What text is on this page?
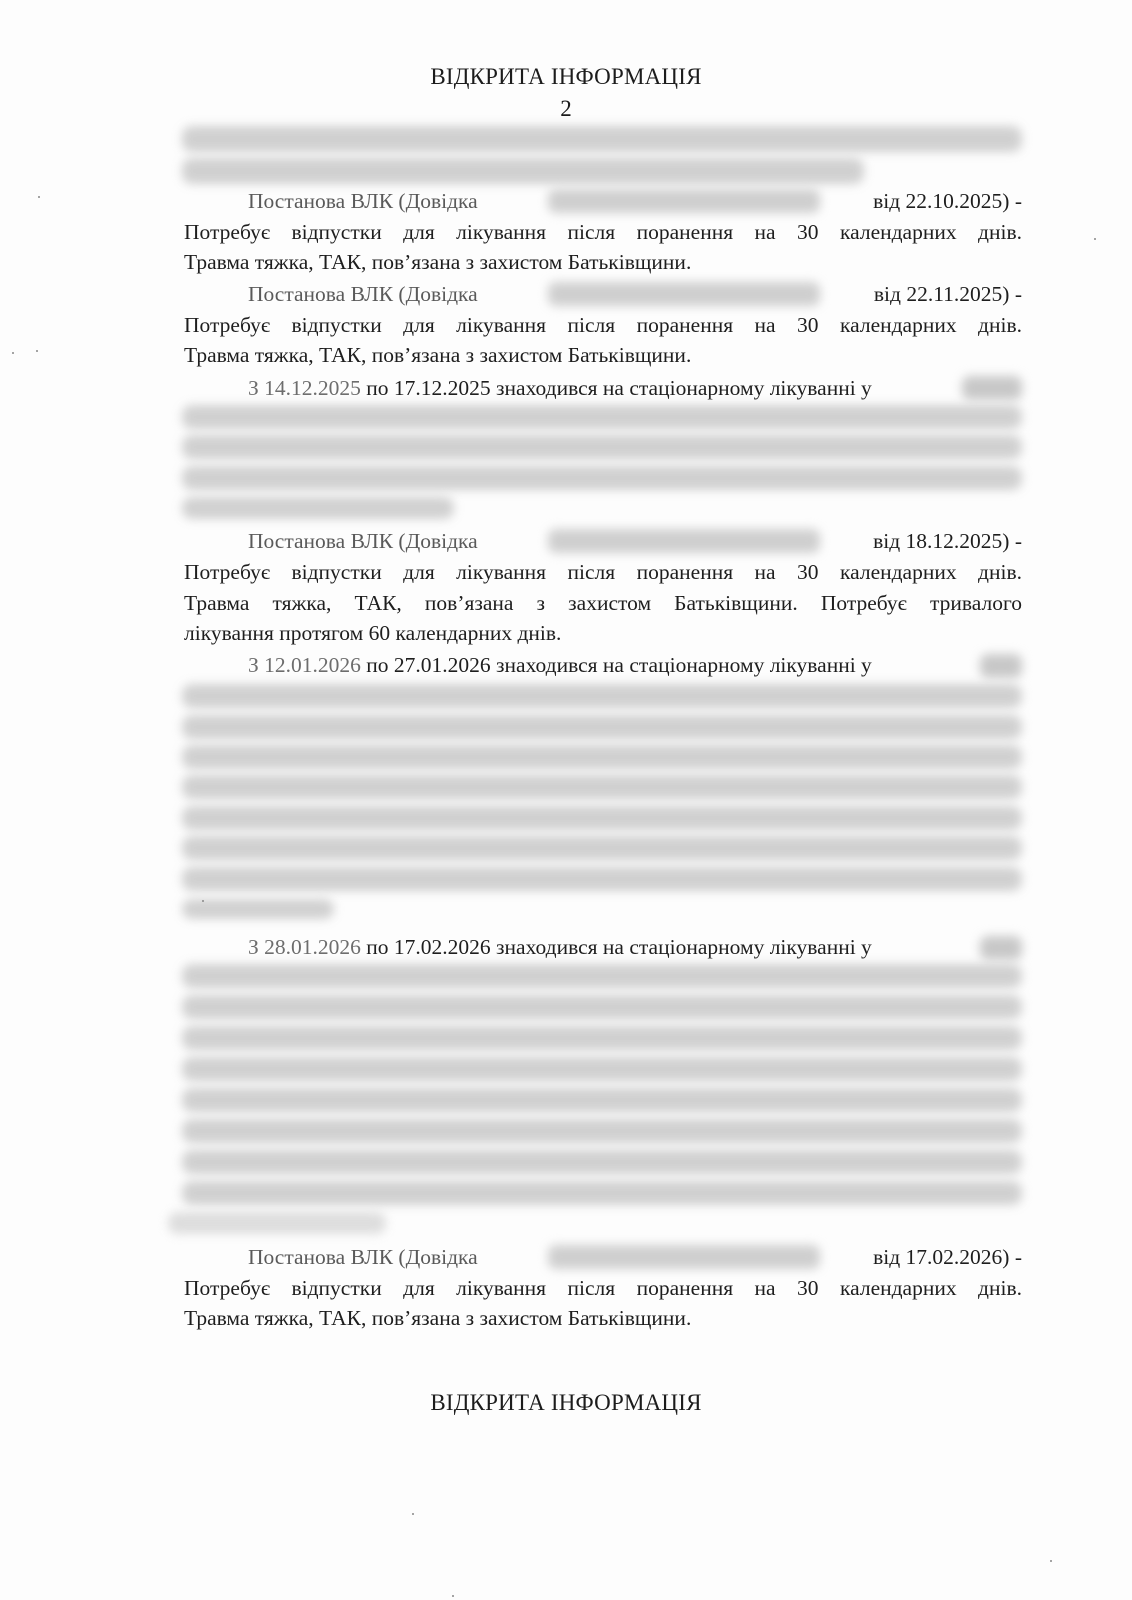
ВІДКРИТА ІНФОРМАЦІЯ
2
Постанова ВЛК (Довідка	від 22.10.2025) -
Потребує відпустки для лікування після поранення на 30 календарних днів.
Травма тяжка, ТАК, пов’язана з захистом Батьківщини.
Постанова ВЛК (Довідка	від 22.11.2025) -
Потребує відпустки для лікування після поранення на 30 календарних днів.
Травма тяжка, ТАК, пов’язана з захистом Батьківщини.
З 14.12.2025 по 17.12.2025 знаходився на стаціонарному лікуванні у
Постанова ВЛК (Довідка	від 18.12.2025) -
Потребує відпустки для лікування після поранення на 30 календарних днів.
Травма тяжка, ТАК, пов’язана з захистом Батьківщини. Потребує тривалого
лікування протягом 60 календарних днів.
З 12.01.2026 по 27.01.2026 знаходився на стаціонарному лікуванні у
З 28.01.2026 по 17.02.2026 знаходився на стаціонарному лікуванні у
Постанова ВЛК (Довідка	від 17.02.2026) -
Потребує відпустки для лікування після поранення на 30 календарних днів.
Травма тяжка, ТАК, пов’язана з захистом Батьківщини.
ВІДКРИТА ІНФОРМАЦІЯ
